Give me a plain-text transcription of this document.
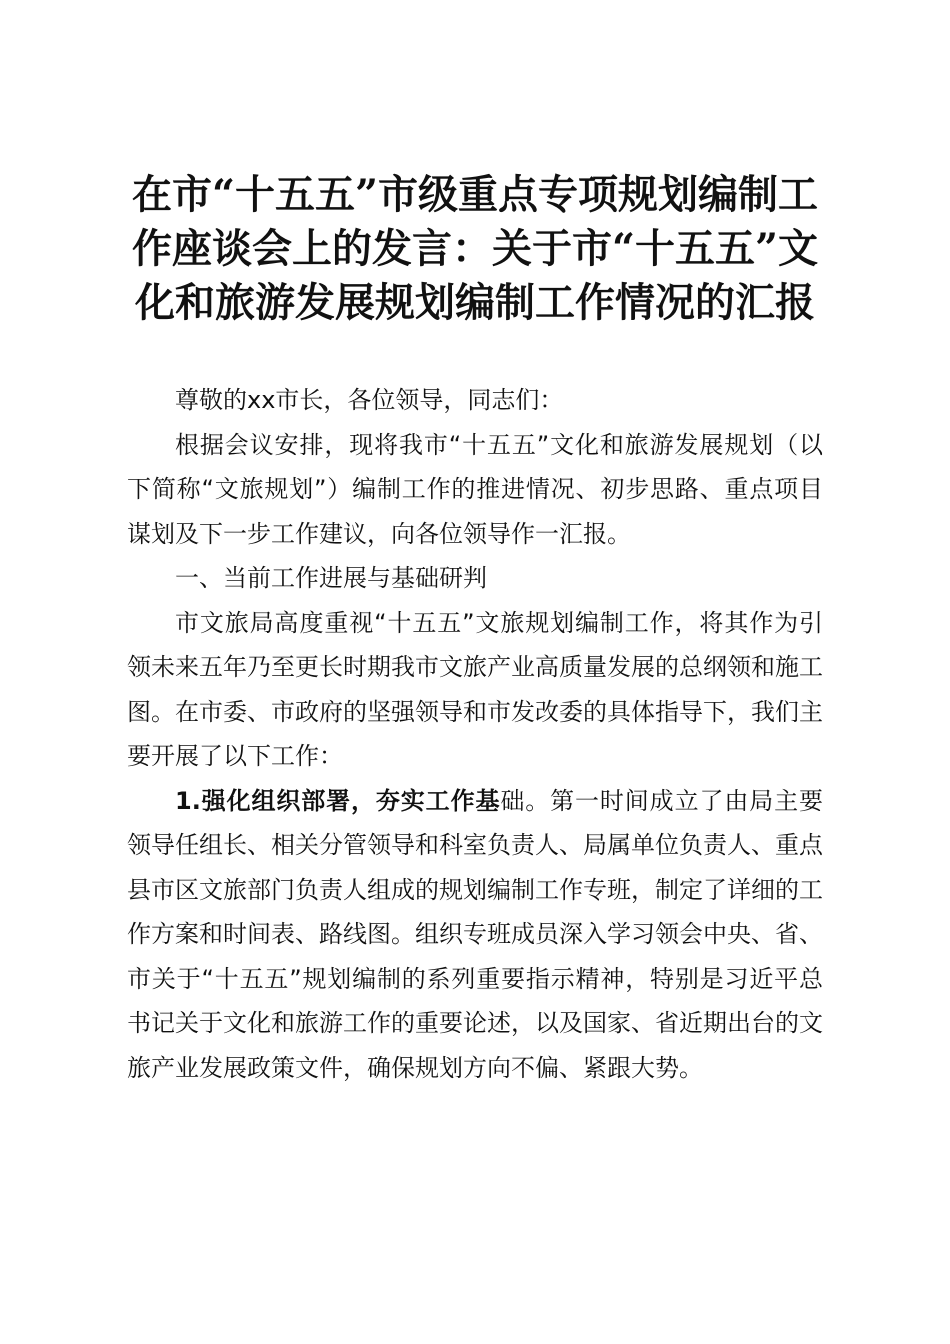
在市“十五五”市级重点专项规划编制工作座谈会上的发言：关于市“十五五”文化和旅游发展规划编制工作情况的汇报

尊敬的xx市长，各位领导，同志们：

根据会议安排，现将我市“十五五”文化和旅游发展规划（以下简称“文旅规划”）编制工作的推进情况、初步思路、重点项目谋划及下一步工作建议，向各位领导作一汇报。

一、当前工作进展与基础研判

市文旅局高度重视“十五五”文旅规划编制工作，将其作为引领未来五年乃至更长时期我市文旅产业高质量发展的总纲领和施工图。在市委、市政府的坚强领导和市发改委的具体指导下，我们主要开展了以下工作：

1.强化组织部署，夯实工作基础。第一时间成立了由局主要领导任组长、相关分管领导和科室负责人、局属单位负责人、重点县市区文旅部门负责人组成的规划编制工作专班，制定了详细的工作方案和时间表、路线图。组织专班成员深入学习领会中央、省、市关于“十五五”规划编制的系列重要指示精神，特别是习近平总书记关于文化和旅游工作的重要论述，以及国家、省近期出台的文旅产业发展政策文件，确保规划方向不偏、紧跟大势。
